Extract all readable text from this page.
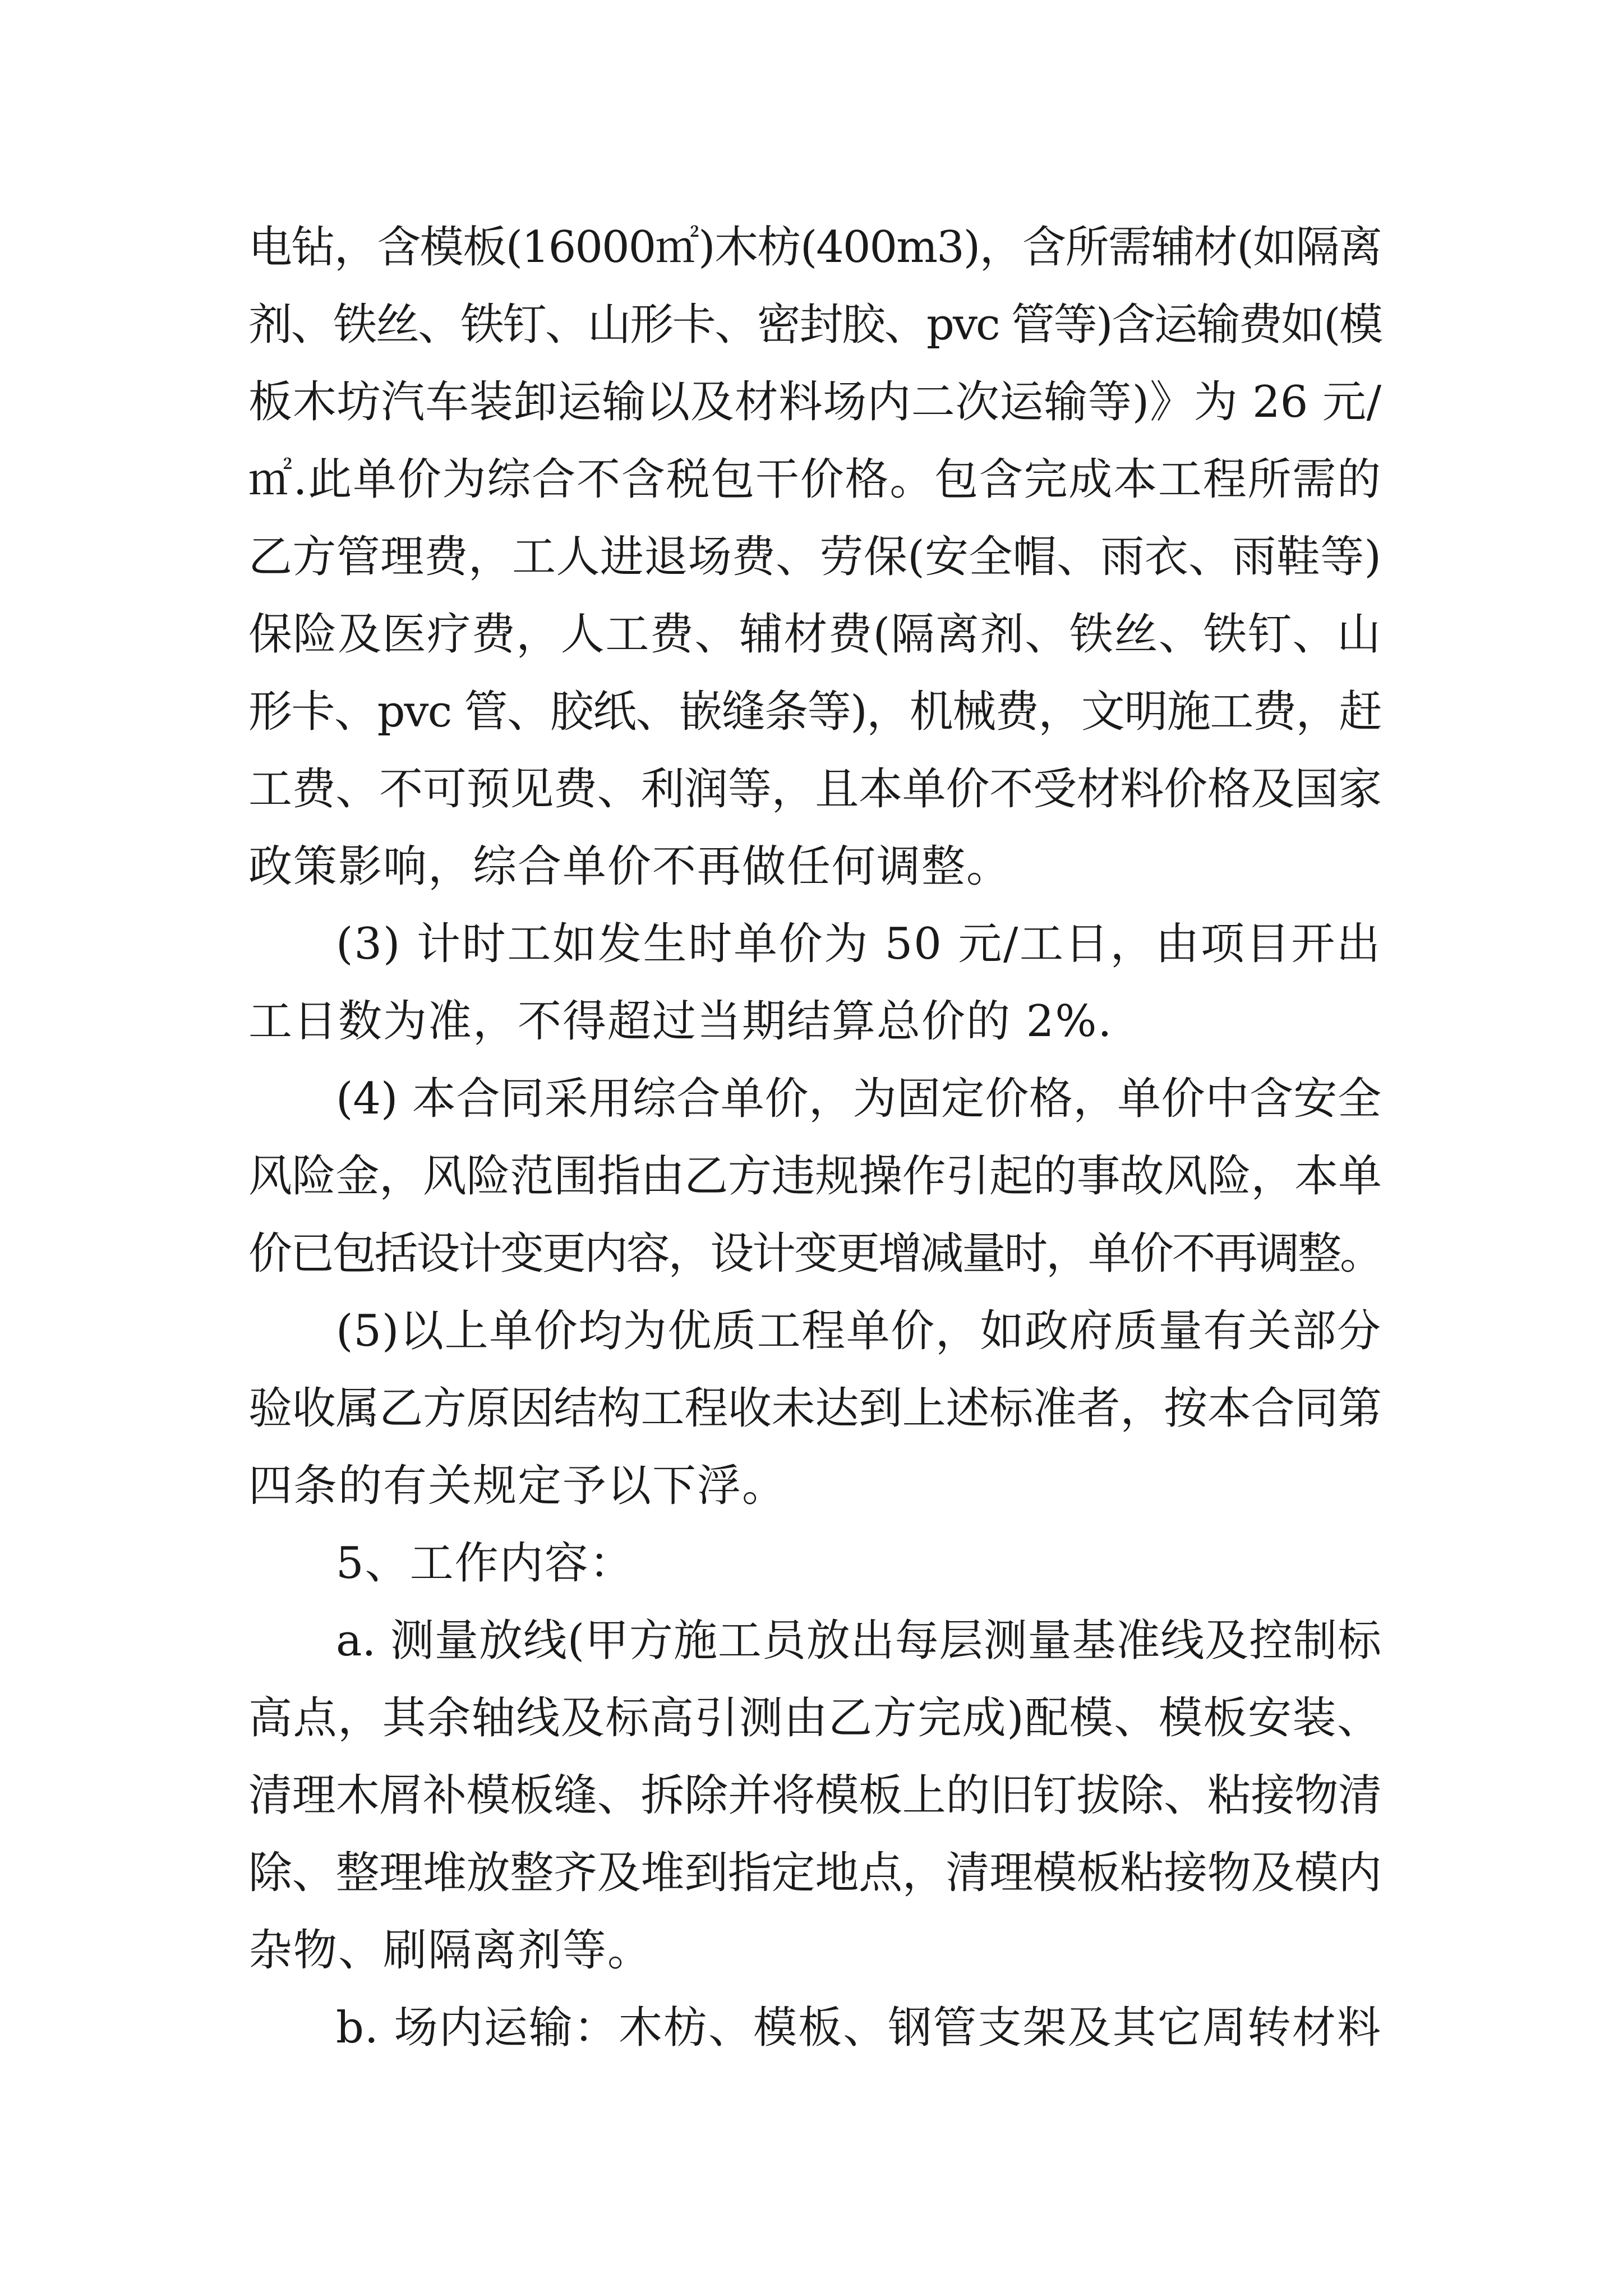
电钻，含模板(16000㎡)木枋(400m3)，含所需辅材(如隔离
剂、铁丝、铁钉、山形卡、密封胶、pvc 管等)含运输费如(模
板木坊汽车装卸运输以及材料场内二次运输等)》为 26 元/
㎡.此单价为综合不含税包干价格。包含完成本工程所需的
乙方管理费，工人进退场费、劳保(安全帽、雨衣、雨鞋等)
保险及医疗费，人工费、辅材费(隔离剂、铁丝、铁钉、山
形卡、pvc 管、胶纸、嵌缝条等)，机械费，文明施工费，赶
工费、不可预见费、利润等，且本单价不受材料价格及国家
政策影响，综合单价不再做任何调整。
(3) 计时工如发生时单价为 50 元/工日，由项目开出
工日数为准，不得超过当期结算总价的 2%.
(4) 本合同采用综合单价，为固定价格，单价中含安全
风险金，风险范围指由乙方违规操作引起的事故风险，本单
价已包括设计变更内容，设计变更增减量时，单价不再调整。
(5)以上单价均为优质工程单价，如政府质量有关部分
验收属乙方原因结构工程收未达到上述标准者，按本合同第
四条的有关规定予以下浮。
5、工作内容：
a. 测量放线(甲方施工员放出每层测量基准线及控制标
高点，其余轴线及标高引测由乙方完成)配模、模板安装、
清理木屑补模板缝、拆除并将模板上的旧钉拔除、粘接物清
除、整理堆放整齐及堆到指定地点，清理模板粘接物及模内
杂物、刷隔离剂等。
b. 场内运输：木枋、模板、钢管支架及其它周转材料
